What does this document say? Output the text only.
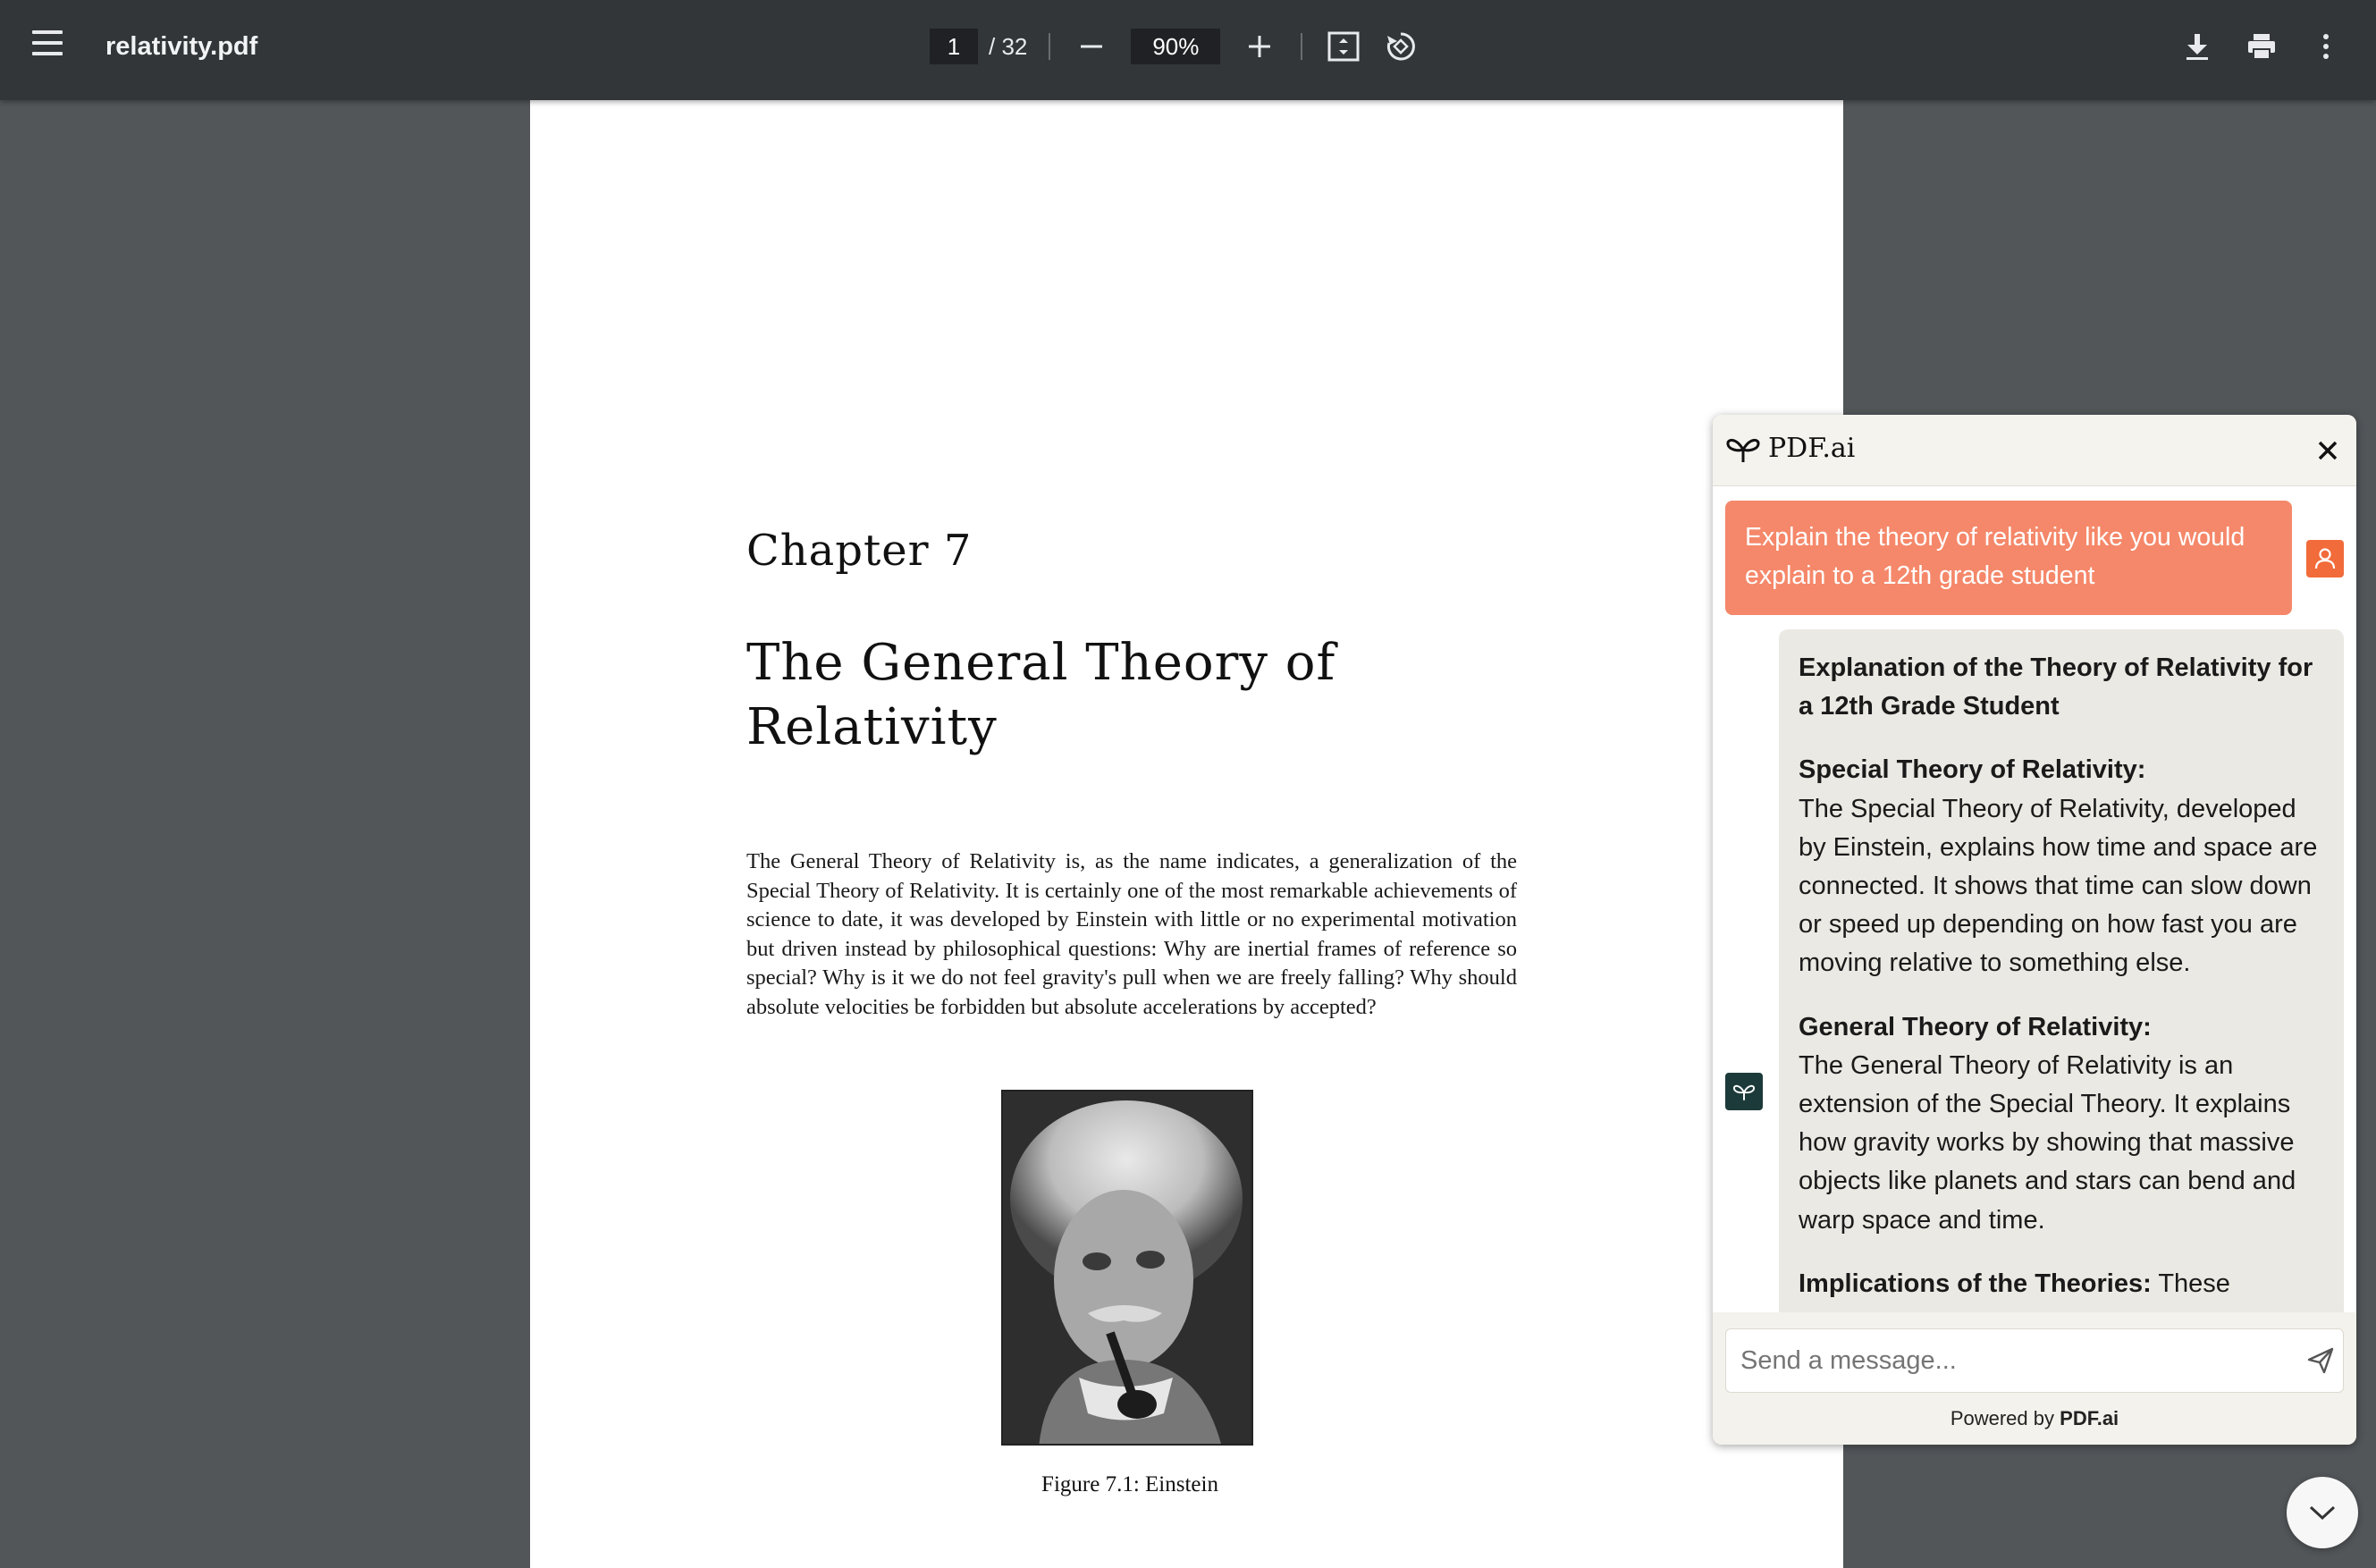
relativity.pdf	1	/ 32	90%
Chapter 7
The General Theory of Relativity
The General Theory of Relativity is, as the name indicates, a generalization of the Special Theory of Relativity. It is certainly one of the most remarkable achievements of science to date, it was developed by Einstein with little or no experimental motivation but driven instead by philosophical questions: Why are inertial frames of reference so special? Why is it we do not feel gravity's pull when we are freely falling? Why should absolute velocities be forbidden but absolute accelerations by accepted?
Figure 7.1: Einstein
PDF.ai
Explain the theory of relativity like you would explain to a 12th grade student

Explanation of the Theory of Relativity for a 12th Grade Student

Special Theory of Relativity:
The Special Theory of Relativity, developed by Einstein, explains how time and space are connected. It shows that time can slow down or speed up depending on how fast you are moving relative to something else.

General Theory of Relativity:
The General Theory of Relativity is an extension of the Special Theory. It explains how gravity works by showing that massive objects like planets and stars can bend and warp space and time.

Implications of the Theories: These

Send a message...
Powered by PDF.ai
